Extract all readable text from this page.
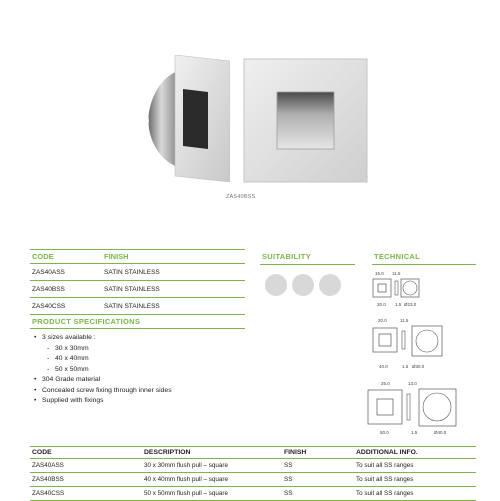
ZAS40BSS
CODE	FINISH
ZAS40ASS	SATIN STAINLESS
ZAS40BSS	SATIN STAINLESS
ZAS40CSS	SATIN STAINLESS
PRODUCT SPECIFICATIONS
• 3 sizes available :
- 30 x 30mm
- 40 x 40mm
- 50 x 50mm
• 304 Grade material
• Concealed screw fixing through inner sides
• Supplied with fixings
SUITABILITY	TECHNICAL
15.0 11.5
30.0 1.5 Ø23.0
20.0	11.5
40.0	1.5 Ø30.0
25.0	13.0
50.0	1.5	Ø40.0
CODE	DESCRIPTION	FINISH	ADDITIONAL INFO.
ZAS40ASS	30 x 30mm flush pull – square	SS	To suit all SS ranges
ZAS40BSS	40 x 40mm flush pull – square	SS	To suit all SS ranges
ZAS40CSS	50 x 50mm flush pull – square	SS	To suit all SS ranges
